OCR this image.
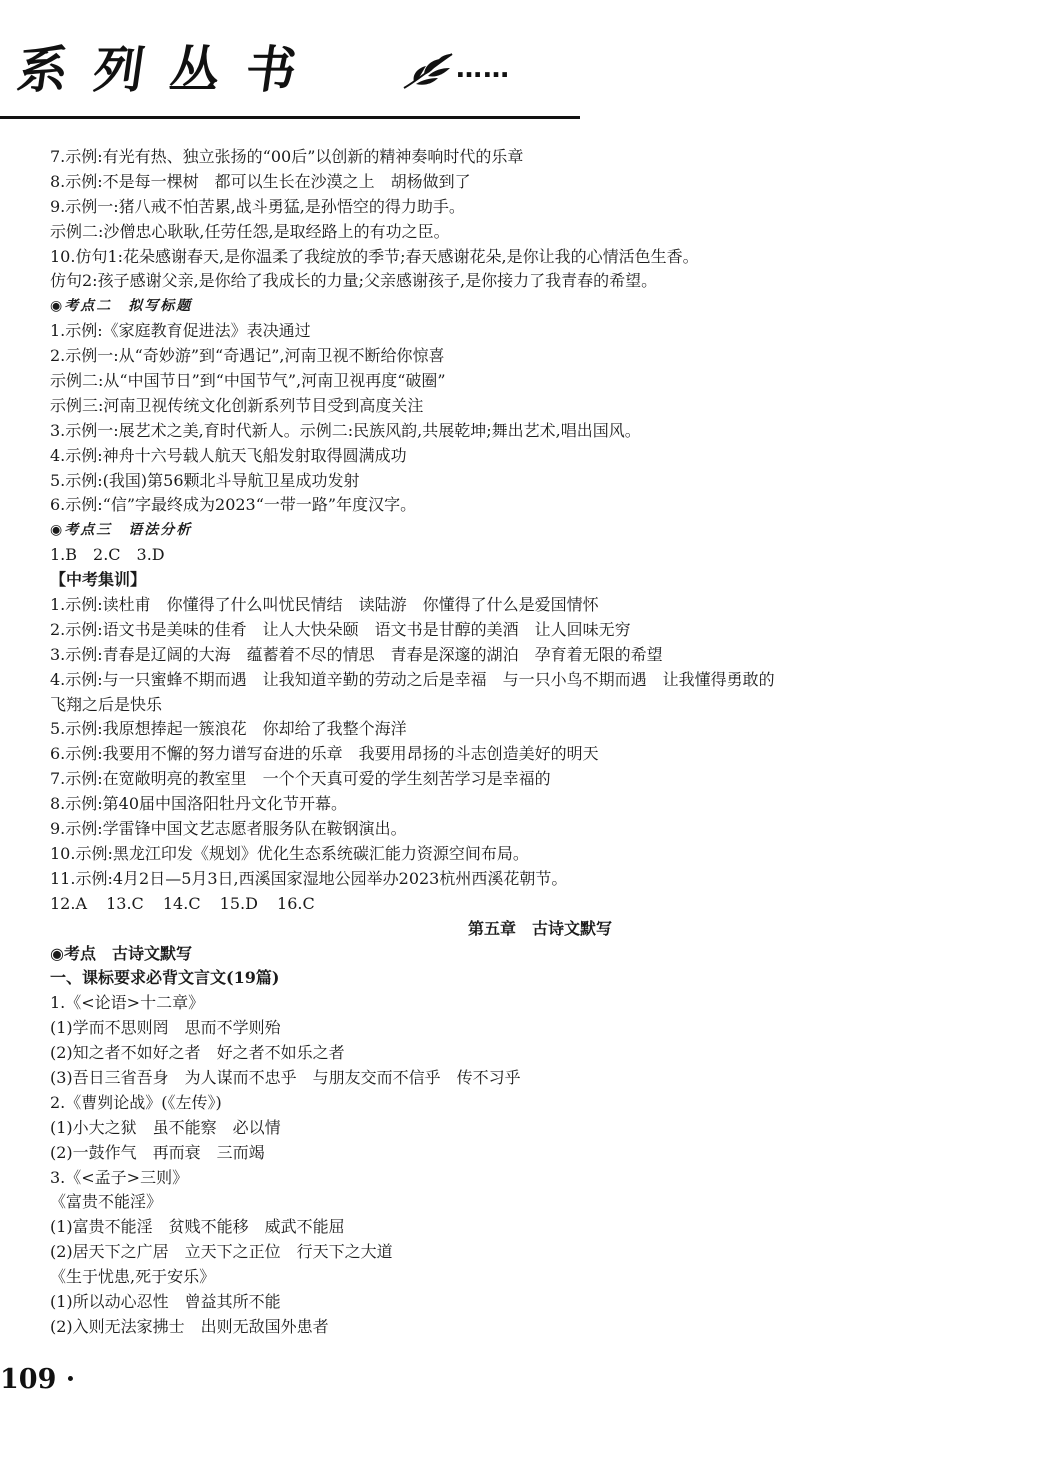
系列丛书	……
7.示例:有光有热、独立张扬的“00后”以创新的精神奏响时代的乐章
8.示例:不是每一棵树　都可以生长在沙漠之上　胡杨做到了
9.示例一:猪八戒不怕苦累,战斗勇猛,是孙悟空的得力助手。
示例二:沙僧忠心耿耿,任劳任怨,是取经路上的有功之臣。
10.仿句1:花朵感谢春天,是你温柔了我绽放的季节;春天感谢花朵,是你让我的心情活色生香。
仿句2:孩子感谢父亲,是你给了我成长的力量;父亲感谢孩子,是你接力了我青春的希望。
◉考点二　拟写标题
1.示例:《家庭教育促进法》表决通过
2.示例一:从“奇妙游”到“奇遇记”,河南卫视不断给你惊喜
示例二:从“中国节日”到“中国节气”,河南卫视再度“破圈”
示例三:河南卫视传统文化创新系列节目受到高度关注
3.示例一:展艺术之美,育时代新人。示例二:民族风韵,共展乾坤;舞出艺术,唱出国风。
4.示例:神舟十六号载人航天飞船发射取得圆满成功
5.示例:(我国)第56颗北斗导航卫星成功发射
6.示例:“信”字最终成为2023“一带一路”年度汉字。
◉考点三　语法分析
1.B　2.C　3.D
【中考集训】
1.示例:读杜甫　你懂得了什么叫忧民情结　读陆游　你懂得了什么是爱国情怀
2.示例:语文书是美味的佳肴　让人大快朵颐　语文书是甘醇的美酒　让人回味无穷
3.示例:青春是辽阔的大海　蕴蓄着不尽的情思　青春是深邃的湖泊　孕育着无限的希望
4.示例:与一只蜜蜂不期而遇　让我知道辛勤的劳动之后是幸福　与一只小鸟不期而遇　让我懂得勇敢的
飞翔之后是快乐
5.示例:我原想捧起一簇浪花　你却给了我整个海洋
6.示例:我要用不懈的努力谱写奋进的乐章　我要用昂扬的斗志创造美好的明天
7.示例:在宽敞明亮的教室里　一个个天真可爱的学生刻苦学习是幸福的
8.示例:第40届中国洛阳牡丹文化节开幕。
9.示例:学雷锋中国文艺志愿者服务队在鞍钢演出。
10.示例:黑龙江印发《规划》优化生态系统碳汇能力资源空间布局。
11.示例:4月2日—5月3日,西溪国家湿地公园举办2023杭州西溪花朝节。
12.A 13.C 14.C 15.D 16.C
第五章　古诗文默写
◉考点　古诗文默写
一、课标要求必背文言文(19篇)
1.《<论语>十二章》
(1)学而不思则罔　思而不学则殆
(2)知之者不如好之者　好之者不如乐之者
(3)吾日三省吾身　为人谋而不忠乎　与朋友交而不信乎　传不习乎
2.《曹刿论战》(《左传》)
(1)小大之狱　虽不能察　必以情
(2)一鼓作气　再而衰　三而竭
3.《<孟子>三则》
《富贵不能淫》
(1)富贵不能淫　贫贱不能移　威武不能屈
(2)居天下之广居　立天下之正位　行天下之大道
《生于忧患,死于安乐》
(1)所以动心忍性　曾益其所不能
(2)入则无法家拂士　出则无敌国外患者
109 ·
